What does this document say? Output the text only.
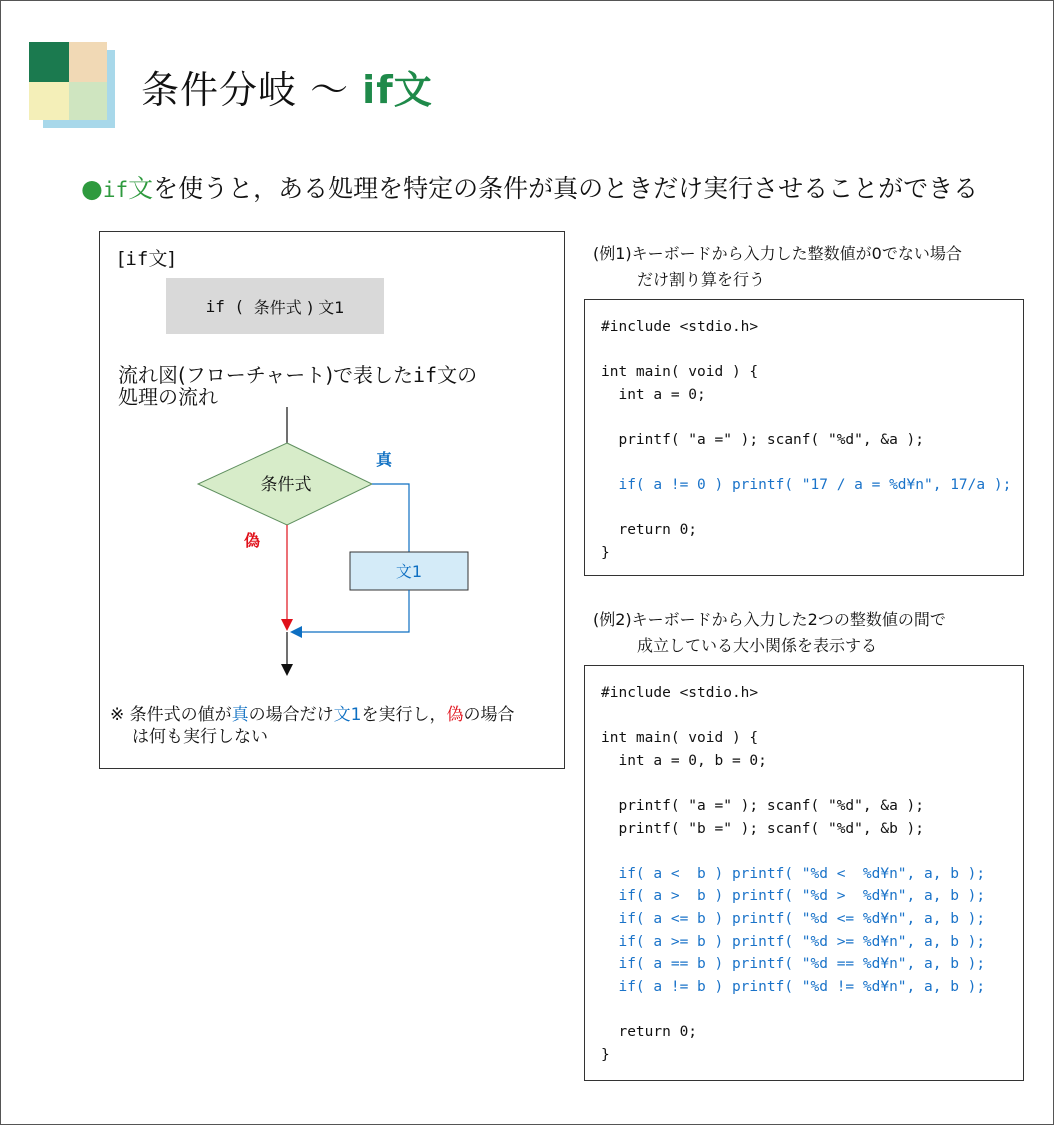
条件分岐 〜 if文
●if文を使うと，ある処理を特定の条件が真のときだけ実行させることができる
条件式
真
文1
偽
[if文]
if ( 条件式 ) 文1
流れ図(フローチャート)で表したif文の
処理の流れ
※ 条件式の値が真の場合だけ文1を実行し，偽の場合
は何も実行しない
(例1)キーボードから入力した整数値が0でない場合
だけ割り算を行う
#include <stdio.h>
int main( void ) {
int a = 0;
printf( "a =" ); scanf( "%d", &a );
if( a != 0 ) printf( "17 / a = %d¥n", 17/a );
return 0;
}
(例2)キーボードから入力した2つの整数値の間で
成立している大小関係を表示する
#include <stdio.h>
int main( void ) {
int a = 0, b = 0;
printf( "a =" ); scanf( "%d", &a );
printf( "b =" ); scanf( "%d", &b );
if( a <  b ) printf( "%d <  %d¥n", a, b );
if( a >  b ) printf( "%d >  %d¥n", a, b );
if( a <= b ) printf( "%d <= %d¥n", a, b );
if( a >= b ) printf( "%d >= %d¥n", a, b );
if( a == b ) printf( "%d == %d¥n", a, b );
if( a != b ) printf( "%d != %d¥n", a, b );
return 0;
}
